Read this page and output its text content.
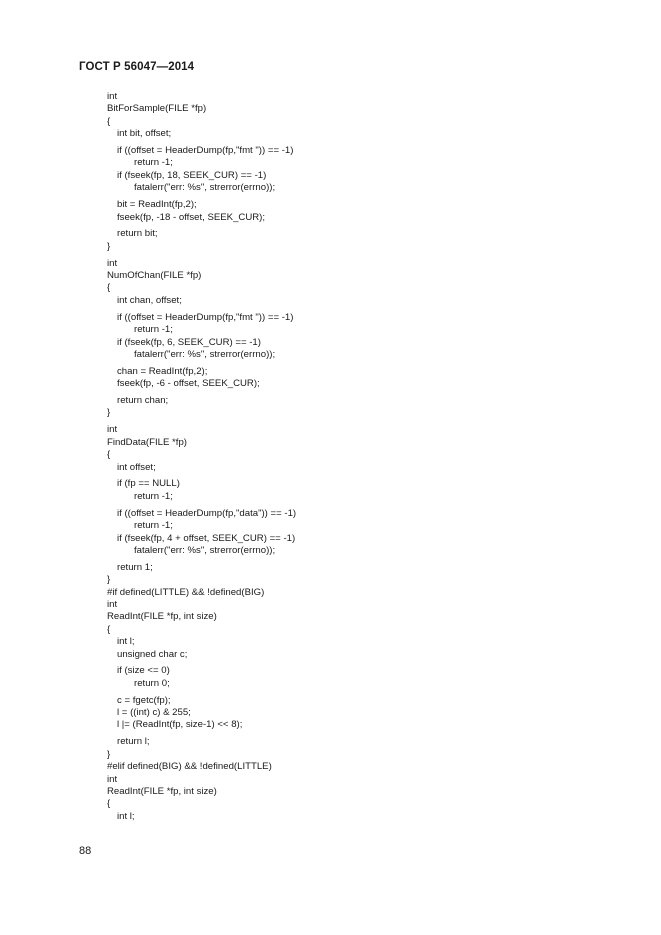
ГОСТ Р 56047—2014
int
BitForSample(FILE *fp)
{
int bit, offset;
if ((offset = HeaderDump(fp,"fmt ")) == -1)
return -1;
if (fseek(fp, 18, SEEK_CUR) == -1)
fatalerr("err: %s", strerror(errno));
bit = ReadInt(fp,2);
fseek(fp, -18 - offset, SEEK_CUR);
return bit;
}
int
NumOfChan(FILE *fp)
{
int chan, offset;
if ((offset = HeaderDump(fp,"fmt ")) == -1)
return -1;
if (fseek(fp, 6, SEEK_CUR) == -1)
fatalerr("err: %s", strerror(errno));
chan = ReadInt(fp,2);
fseek(fp, -6 - offset, SEEK_CUR);
return chan;
}
int
FindData(FILE *fp)
{
int offset;
if (fp == NULL)
return -1;
if ((offset = HeaderDump(fp,"data")) == -1)
return -1;
if (fseek(fp, 4 + offset, SEEK_CUR) == -1)
fatalerr("err: %s", strerror(errno));
return 1;
}
#if defined(LITTLE) && !defined(BIG)
int
ReadInt(FILE *fp, int size)
{
int l;
unsigned char c;
if (size <= 0)
return 0;
c = fgetc(fp);
l = ((int) c) & 255;
l |= (ReadInt(fp, size-1) << 8);
return l;
}
#elif defined(BIG) && !defined(LITTLE)
int
ReadInt(FILE *fp, int size)
{
int l;
88
